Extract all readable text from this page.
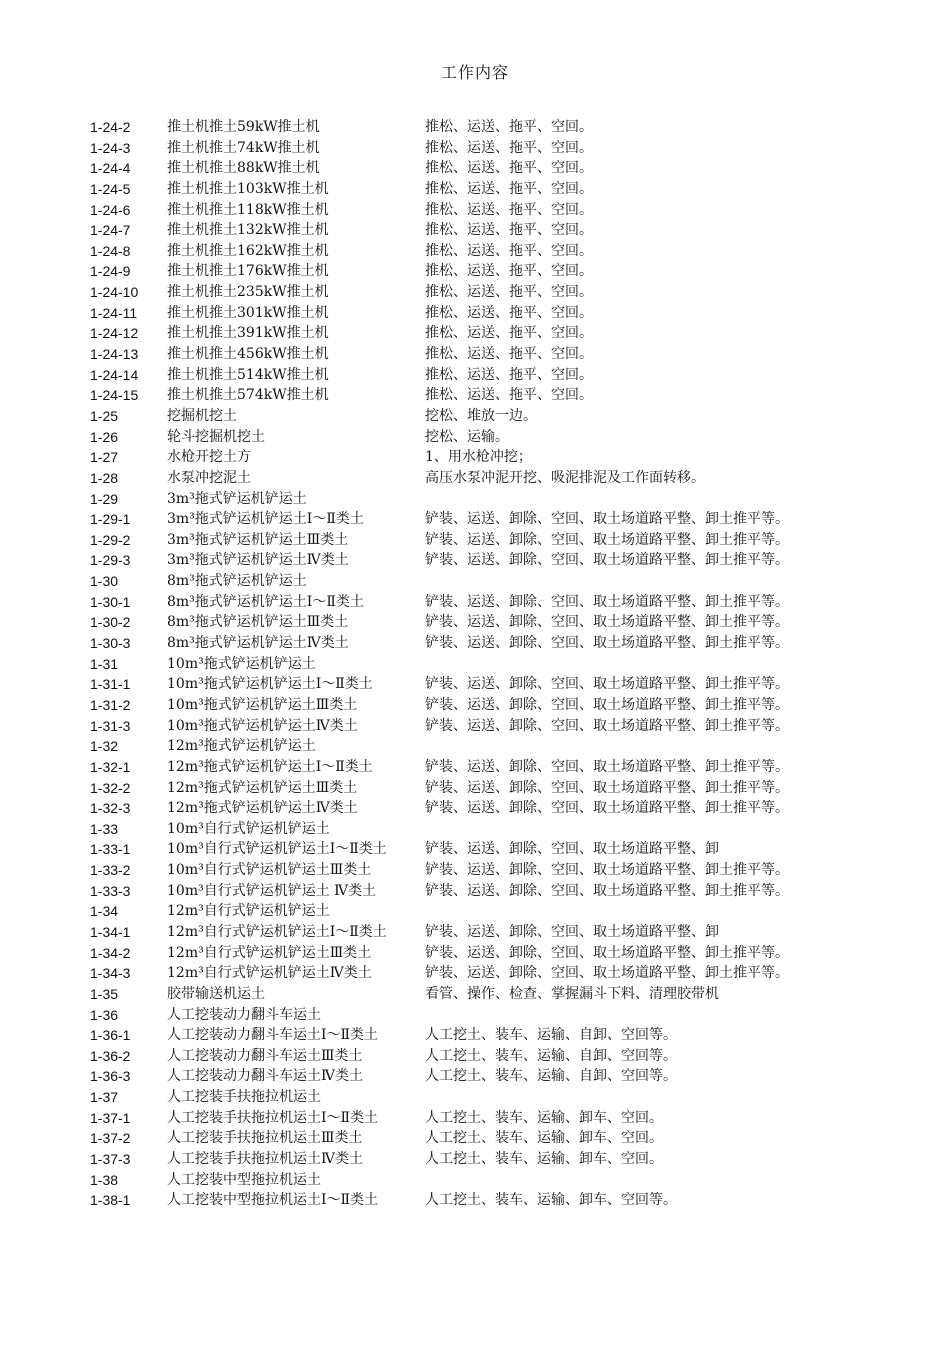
工作内容
1-24-2	推土机推土59kW推土机	推松、运送、拖平、空回。
1-24-3	推土机推土74kW推土机	推松、运送、拖平、空回。
1-24-4	推土机推土88kW推土机	推松、运送、拖平、空回。
1-24-5	推土机推土103kW推土机	推松、运送、拖平、空回。
1-24-6	推土机推土118kW推土机	推松、运送、拖平、空回。
1-24-7	推土机推土132kW推土机	推松、运送、拖平、空回。
1-24-8	推土机推土162kW推土机	推松、运送、拖平、空回。
1-24-9	推土机推土176kW推土机	推松、运送、拖平、空回。
1-24-10 推土机推土235kW推土机	推松、运送、拖平、空回。
1-24-11 推土机推土301kW推土机	推松、运送、拖平、空回。
1-24-12 推土机推土391kW推土机	推松、运送、拖平、空回。
1-24-13 推土机推土456kW推土机	推松、运送、拖平、空回。
1-24-14 推土机推土514kW推土机	推松、运送、拖平、空回。
1-24-15 推土机推土574kW推土机	推松、运送、拖平、空回。
1-25	挖掘机挖土	挖松、堆放一边。
1-26	轮斗挖掘机挖土	挖松、运输。
1-27	水枪开挖土方	1、用水枪冲挖；
1-28	水泵冲挖泥土	高压水泵冲泥开挖、吸泥排泥及工作面转移。
1-29	3m³拖式铲运机铲运土
1-29-1	3m³拖式铲运机铲运土Ⅰ～Ⅱ类土	铲装、运送、卸除、空回、取土场道路平整、卸土推平等。
1-29-2	3m³拖式铲运机铲运土Ⅲ类土	铲装、运送、卸除、空回、取土场道路平整、卸土推平等。
1-29-3	3m³拖式铲运机铲运土Ⅳ类土	铲装、运送、卸除、空回、取土场道路平整、卸土推平等。
1-30	8m³拖式铲运机铲运土
1-30-1	8m³拖式铲运机铲运土Ⅰ～Ⅱ类土	铲装、运送、卸除、空回、取土场道路平整、卸土推平等。
1-30-2	8m³拖式铲运机铲运土Ⅲ类土	铲装、运送、卸除、空回、取土场道路平整、卸土推平等。
1-30-3	8m³拖式铲运机铲运土Ⅳ类土	铲装、运送、卸除、空回、取土场道路平整、卸土推平等。
1-31	10m³拖式铲运机铲运土
1-31-1	10m³拖式铲运机铲运土Ⅰ～Ⅱ类土	铲装、运送、卸除、空回、取土场道路平整、卸土推平等。
1-31-2	10m³拖式铲运机铲运土Ⅲ类土	铲装、运送、卸除、空回、取土场道路平整、卸土推平等。
1-31-3	10m³拖式铲运机铲运土Ⅳ类土	铲装、运送、卸除、空回、取土场道路平整、卸土推平等。
1-32	12m³拖式铲运机铲运土
1-32-1	12m³拖式铲运机铲运土Ⅰ～Ⅱ类土	铲装、运送、卸除、空回、取土场道路平整、卸土推平等。
1-32-2	12m³拖式铲运机铲运土Ⅲ类土	铲装、运送、卸除、空回、取土场道路平整、卸土推平等。
1-32-3	12m³拖式铲运机铲运土Ⅳ类土	铲装、运送、卸除、空回、取土场道路平整、卸土推平等。
1-33	10m³自行式铲运机铲运土
1-33-1	10m³自行式铲运机铲运土Ⅰ～Ⅱ类土	铲装、运送、卸除、空回、取土场道路平整、卸
1-33-2	10m³自行式铲运机铲运土Ⅲ类土	铲装、运送、卸除、空回、取土场道路平整、卸土推平等。
1-33-3	10m³自行式铲运机铲运土 Ⅳ类土	铲装、运送、卸除、空回、取土场道路平整、卸土推平等。
1-34	12m³自行式铲运机铲运土
1-34-1	12m³自行式铲运机铲运土Ⅰ～Ⅱ类土	铲装、运送、卸除、空回、取土场道路平整、卸
1-34-2	12m³自行式铲运机铲运土Ⅲ类土	铲装、运送、卸除、空回、取土场道路平整、卸土推平等。
1-34-3	12m³自行式铲运机铲运土Ⅳ类土	铲装、运送、卸除、空回、取土场道路平整、卸土推平等。
1-35	胶带输送机运土	看管、操作、检查、掌握漏斗下料、清理胶带机
1-36	人工挖装动力翻斗车运土
1-36-1	人工挖装动力翻斗车运土Ⅰ～Ⅱ类土	人工挖土、装车、运输、自卸、空回等。
1-36-2	人工挖装动力翻斗车运土Ⅲ类土	人工挖土、装车、运输、自卸、空回等。
1-36-3	人工挖装动力翻斗车运土Ⅳ类土	人工挖土、装车、运输、自卸、空回等。
1-37	人工挖装手扶拖拉机运土
1-37-1	人工挖装手扶拖拉机运土Ⅰ～Ⅱ类土	人工挖土、装车、运输、卸车、空回。
1-37-2	人工挖装手扶拖拉机运土Ⅲ类土	人工挖土、装车、运输、卸车、空回。
1-37-3	人工挖装手扶拖拉机运土Ⅳ类土	人工挖土、装车、运输、卸车、空回。
1-38	人工挖装中型拖拉机运土
1-38-1	人工挖装中型拖拉机运土Ⅰ～Ⅱ类土	人工挖土、装车、运输、卸车、空回等。
